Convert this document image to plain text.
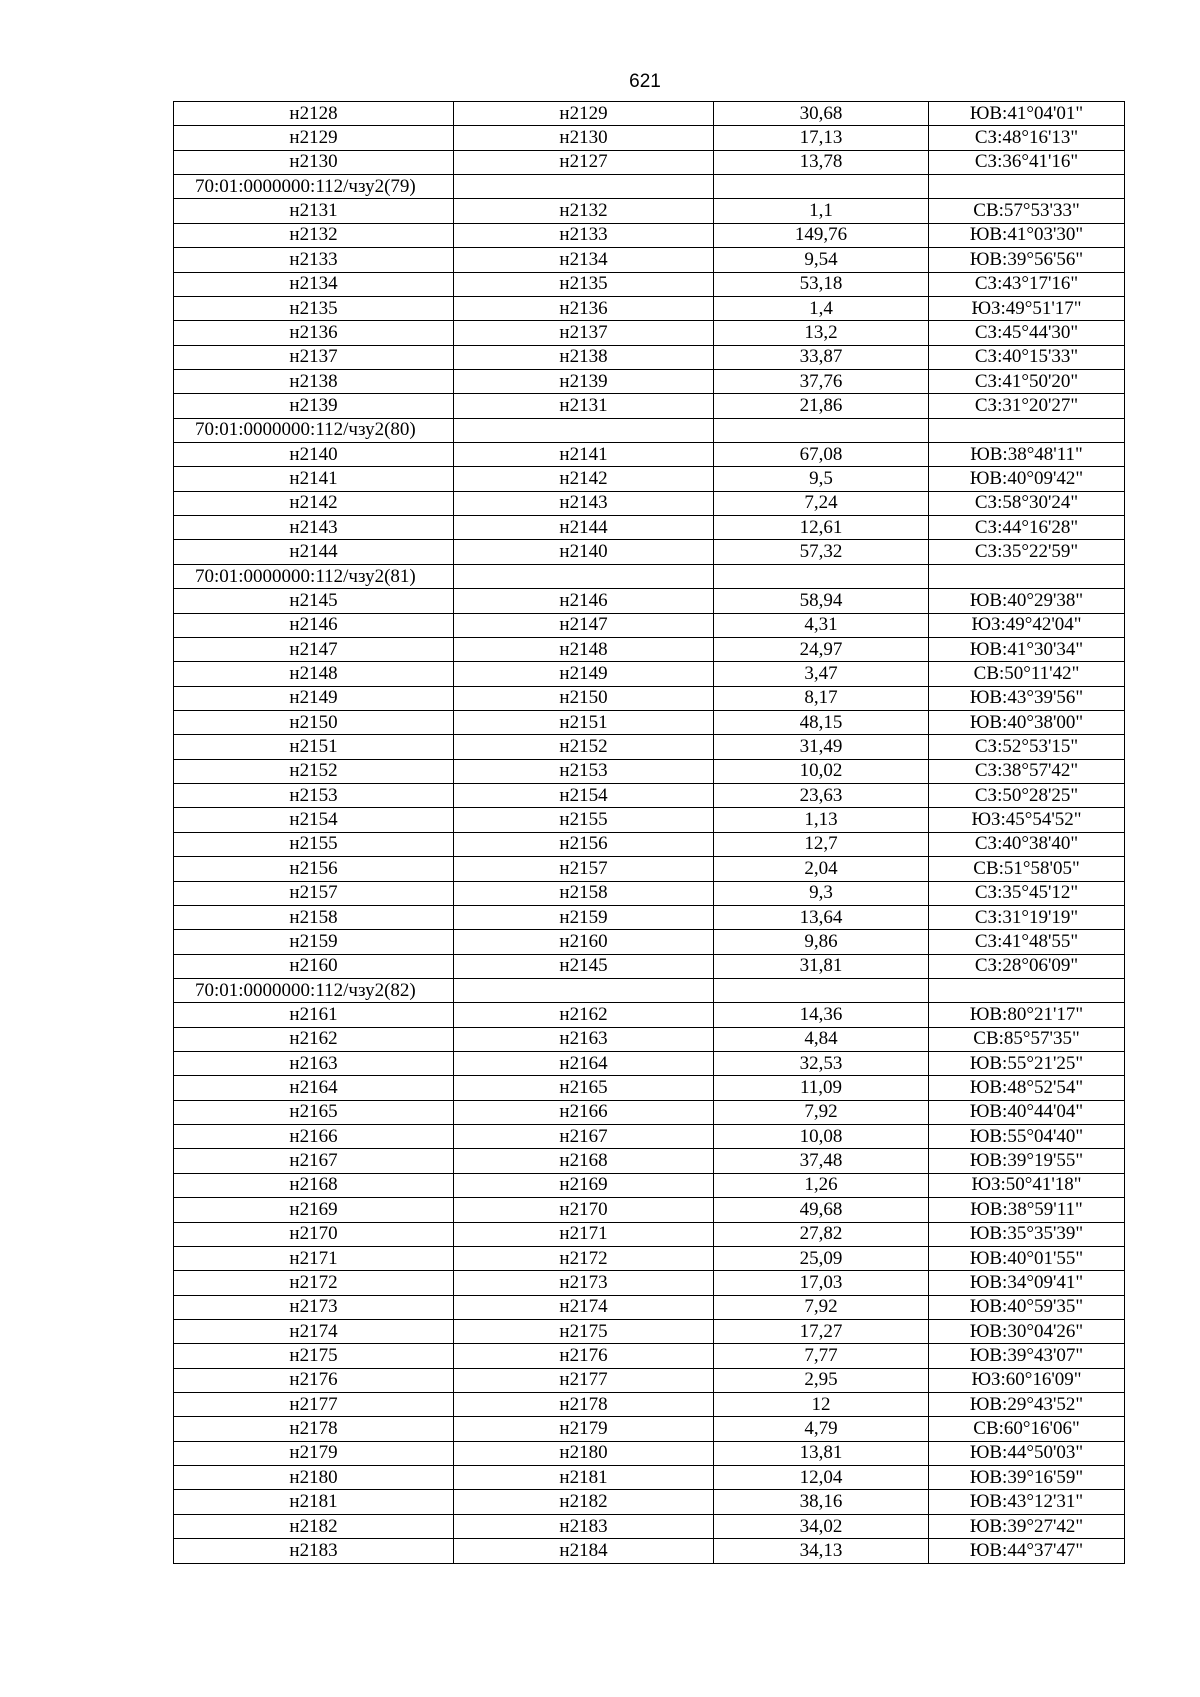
621
н2128	н2129	30,68	ЮВ:41°04'01"
н2129	н2130	17,13	СЗ:48°16'13"
н2130	н2127	13,78	СЗ:36°41'16"
70:01:0000000:112/чзу2(79)			
н2131	н2132	1,1	СВ:57°53'33"
н2132	н2133	149,76	ЮВ:41°03'30"
н2133	н2134	9,54	ЮВ:39°56'56"
н2134	н2135	53,18	СЗ:43°17'16"
н2135	н2136	1,4	ЮЗ:49°51'17"
н2136	н2137	13,2	СЗ:45°44'30"
н2137	н2138	33,87	СЗ:40°15'33"
н2138	н2139	37,76	СЗ:41°50'20"
н2139	н2131	21,86	СЗ:31°20'27"
70:01:0000000:112/чзу2(80)			
н2140	н2141	67,08	ЮВ:38°48'11"
н2141	н2142	9,5	ЮВ:40°09'42"
н2142	н2143	7,24	СЗ:58°30'24"
н2143	н2144	12,61	СЗ:44°16'28"
н2144	н2140	57,32	СЗ:35°22'59"
70:01:0000000:112/чзу2(81)			
н2145	н2146	58,94	ЮВ:40°29'38"
н2146	н2147	4,31	ЮЗ:49°42'04"
н2147	н2148	24,97	ЮВ:41°30'34"
н2148	н2149	3,47	СВ:50°11'42"
н2149	н2150	8,17	ЮВ:43°39'56"
н2150	н2151	48,15	ЮВ:40°38'00"
н2151	н2152	31,49	СЗ:52°53'15"
н2152	н2153	10,02	СЗ:38°57'42"
н2153	н2154	23,63	СЗ:50°28'25"
н2154	н2155	1,13	ЮЗ:45°54'52"
н2155	н2156	12,7	СЗ:40°38'40"
н2156	н2157	2,04	СВ:51°58'05"
н2157	н2158	9,3	СЗ:35°45'12"
н2158	н2159	13,64	СЗ:31°19'19"
н2159	н2160	9,86	СЗ:41°48'55"
н2160	н2145	31,81	СЗ:28°06'09"
70:01:0000000:112/чзу2(82)			
н2161	н2162	14,36	ЮВ:80°21'17"
н2162	н2163	4,84	СВ:85°57'35"
н2163	н2164	32,53	ЮВ:55°21'25"
н2164	н2165	11,09	ЮВ:48°52'54"
н2165	н2166	7,92	ЮВ:40°44'04"
н2166	н2167	10,08	ЮВ:55°04'40"
н2167	н2168	37,48	ЮВ:39°19'55"
н2168	н2169	1,26	ЮЗ:50°41'18"
н2169	н2170	49,68	ЮВ:38°59'11"
н2170	н2171	27,82	ЮВ:35°35'39"
н2171	н2172	25,09	ЮВ:40°01'55"
н2172	н2173	17,03	ЮВ:34°09'41"
н2173	н2174	7,92	ЮВ:40°59'35"
н2174	н2175	17,27	ЮВ:30°04'26"
н2175	н2176	7,77	ЮВ:39°43'07"
н2176	н2177	2,95	ЮЗ:60°16'09"
н2177	н2178	12	ЮВ:29°43'52"
н2178	н2179	4,79	СВ:60°16'06"
н2179	н2180	13,81	ЮВ:44°50'03"
н2180	н2181	12,04	ЮВ:39°16'59"
н2181	н2182	38,16	ЮВ:43°12'31"
н2182	н2183	34,02	ЮВ:39°27'42"
н2183	н2184	34,13	ЮВ:44°37'47"
